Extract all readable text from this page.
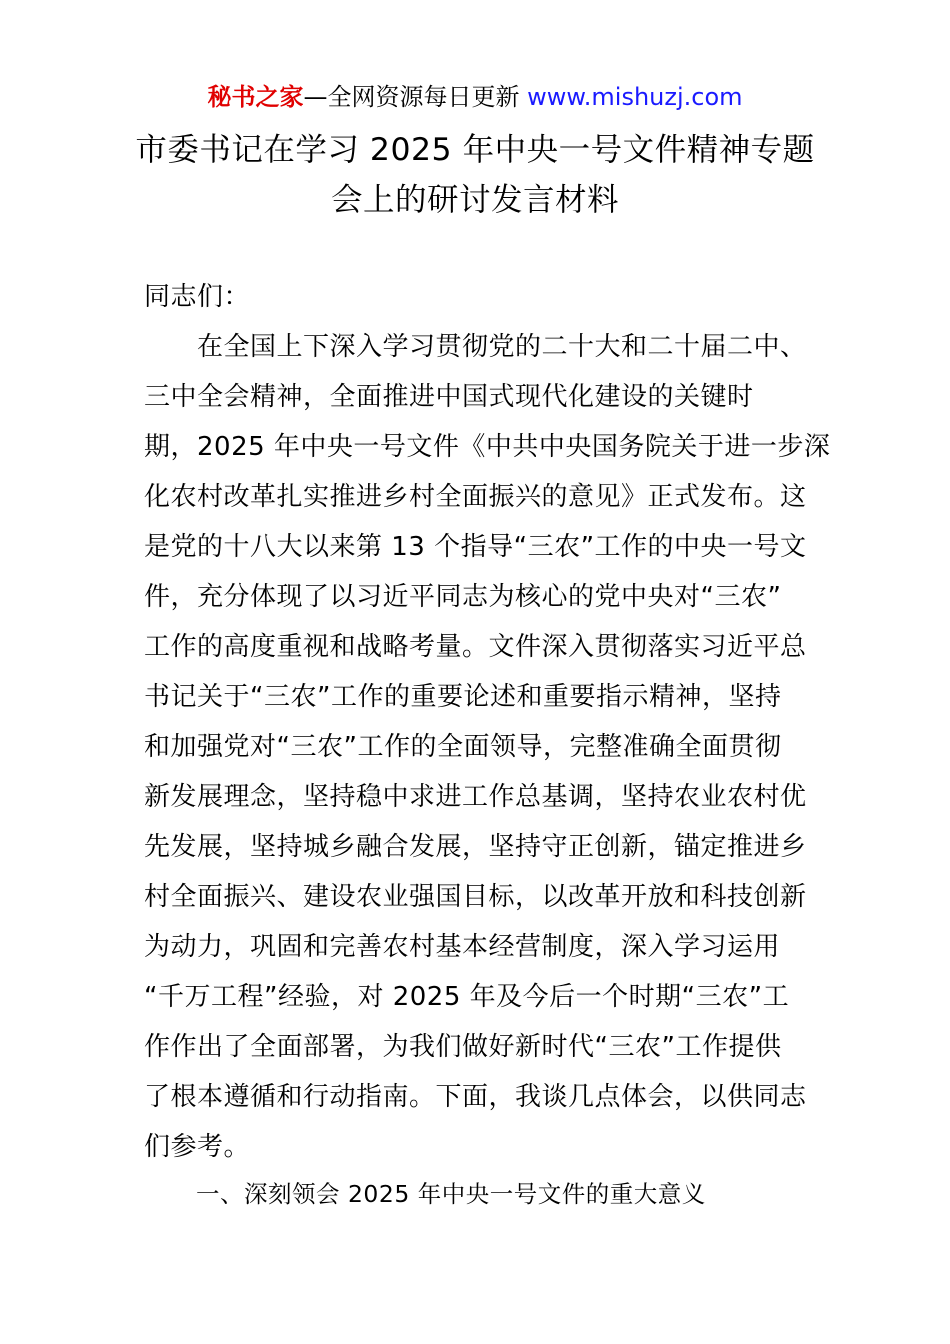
秘书之家—全网资源每日更新 www.mishuzj.com
市委书记在学习 2025 年中央一号文件精神专题
会上的研讨发言材料
同志们：
　　在全国上下深入学习贯彻党的二十大和二十届二中、
三中全会精神，全面推进中国式现代化建设的关键时
期，2025 年中央一号文件《中共中央国务院关于进一步深
化农村改革扎实推进乡村全面振兴的意见》正式发布。这
是党的十八大以来第 13 个指导“三农”工作的中央一号文
件，充分体现了以习近平同志为核心的党中央对“三农”
工作的高度重视和战略考量。文件深入贯彻落实习近平总
书记关于“三农”工作的重要论述和重要指示精神，坚持
和加强党对“三农”工作的全面领导，完整准确全面贯彻
新发展理念，坚持稳中求进工作总基调，坚持农业农村优
先发展，坚持城乡融合发展，坚持守正创新，锚定推进乡
村全面振兴、建设农业强国目标，以改革开放和科技创新
为动力，巩固和完善农村基本经营制度，深入学习运用
“千万工程”经验，对 2025 年及今后一个时期“三农”工
作作出了全面部署，为我们做好新时代“三农”工作提供
了根本遵循和行动指南。下面，我谈几点体会，以供同志
们参考。
一、深刻领会 2025 年中央一号文件的重大意义
